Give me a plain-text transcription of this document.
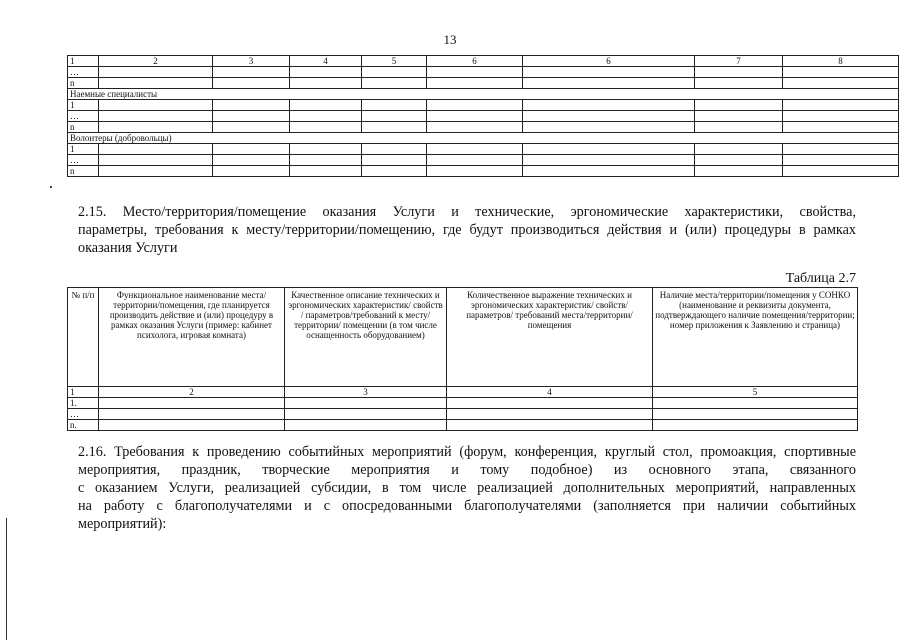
13
1	2	3	4	5	6	6	7	8
…								
n								
Наемные специалисты								
1								
…								
n								
Волонтеры (добровольцы)								
1								
…								
n								
2.15. Место/территория/помещение оказания Услуги и технические, эргономические характеристики, свойства,
параметры, требования к месту/территории/помещению, где будут производиться действия и (или) процедуры в рамках
оказания Услуги
Таблица 2.7
№ п/п	Функциональное наименование места/территории/помещения, где планируется производить действие и (или) процедуру в рамках оказания Услуги (пример: кабинет психолога, игровая комната)	Качественное описание технических и эргономических характеристик/ свойств / параметров/требований к месту/территории/ помещении (в том числе оснащенность оборудованием)	Количественное выражение технических и эргономических характеристик/ свойств/ параметров/ требований места/территории/помещения	Наличие места/территории/помещения у СОНКО (наименование и реквизиты документа, подтверждающего наличие помещения/территории; номер приложения к Заявлению и страница)
1	2	3	4	5
1.				
…				
n.				
2.16. Требования к проведению событийных мероприятий (форум, конференция, круглый стол, промоакция, спортивные
мероприятия, праздник, творческие мероприятия и тому подобное) из основного этапа, связанного
с оказанием Услуги, реализацией субсидии, в том числе реализацией дополнительных мероприятий, направленных
на работу с благополучателями и с опосредованными благополучателями (заполняется при наличии событийных
мероприятий):
